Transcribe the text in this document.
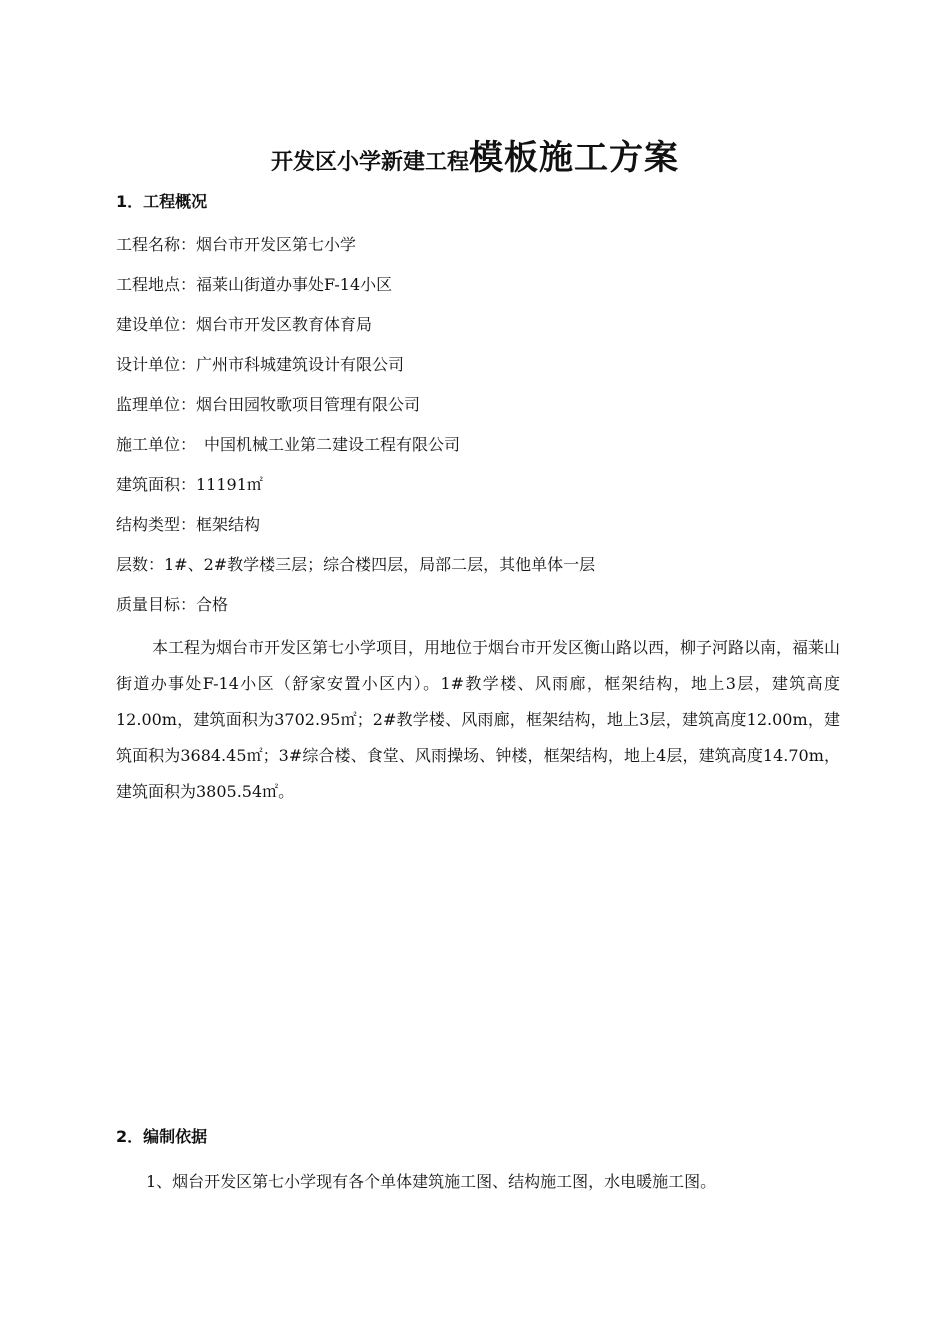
开发区小学新建工程模板施工方案
1．工程概况
工程名称：烟台市开发区第七小学
工程地点：福莱山街道办事处F-14小区
建设单位：烟台市开发区教育体育局
设计单位：广州市科城建筑设计有限公司
监理单位：烟台田园牧歌项目管理有限公司
施工单位：　中国机械工业第二建设工程有限公司
建筑面积：11191㎡
结构类型：框架结构
层数：1#、2#教学楼三层；综合楼四层，局部二层，其他单体一层
质量目标：合格
本工程为烟台市开发区第七小学项目，用地位于烟台市开发区衡山路以西，柳子河路以南，福莱山街道办事处F-14小区（舒家安置小区内）。1#教学楼、风雨廊，框架结构，地上3层，建筑高度12.00m，建筑面积为3702.95㎡；2#教学楼、风雨廊，框架结构，地上3层，建筑高度12.00m，建筑面积为3684.45㎡；3#综合楼、食堂、风雨操场、钟楼，框架结构，地上4层，建筑高度14.70m，建筑面积为3805.54㎡。
2．编制依据
1、烟台开发区第七小学现有各个单体建筑施工图、结构施工图，水电暖施工图。
